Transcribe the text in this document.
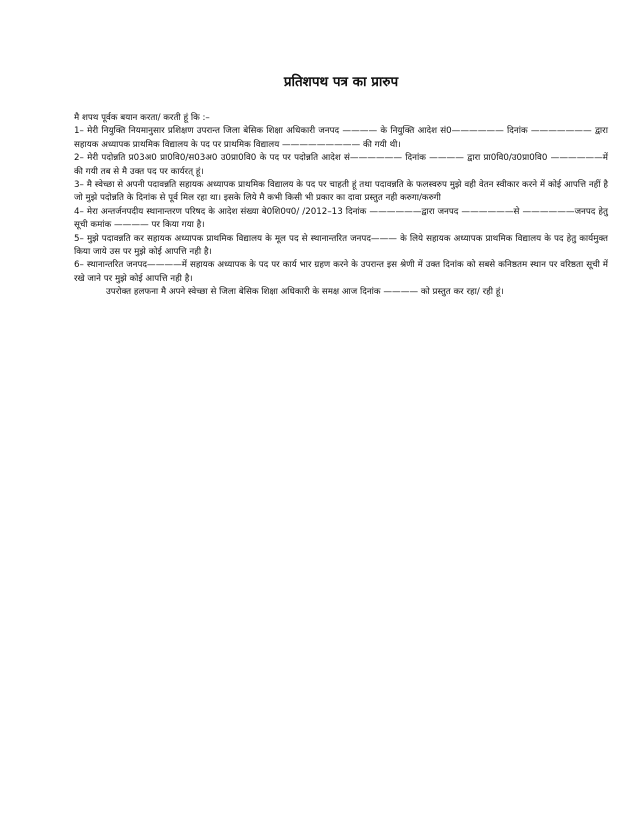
प्रतिशपथ पत्र का प्रारुप

मै शपथ पूर्वक बयान करता/ करती हूं कि :–

1– मेरी नियुक्ति नियमानुसार प्रशिक्षण उपरान्त जिला बेसिक शिक्षा अधिकारी जनपद ———— के नियुक्ति आदेश सं0—————— दिनांक ——————— द्वारा सहायक अध्यापक प्राथमिक विद्यालय के पद पर प्राथमिक विद्यालय ————————— की गयी थी।

2– मेरी पदोन्नति प्र03अ0 प्रा0वि0/स03अ0 उ0प्रा0वि0 के पद पर पदोन्नति आदेश सं—————— दिनांक ———— द्वारा प्रा0वि0/उ0प्रा0वि0 ——————में की गयी तब से मै उक्त पद पर कार्यरत् हूं।

3– मै स्वेच्छा से अपनी पदावन्नति सहायक अध्यापक प्राथमिक विद्यालय के पद पर चाहती हूं तथा पदावन्नति के फलस्वरुप मुझे वही वेतन स्वीकार करने में कोई आपत्ति नहीं है जो मुझे पदोन्नति के दिनांक से पूर्व मिल रहा था। इसके लिये मै कभी किसी भी प्रकार का दावा प्रस्तुत नही करुगा/करुगी

4– मेरा अन्तर्जनपदीय स्थानान्तरण परिषद के आदेश संख्या बे0शि0प0/ /2012–13 दिनांक ——————द्वारा जनपद ——————से ——————जनपद हेतु सूची कमांक ———— पर किया गया है।

5– मुझे पदावन्नति कर सहायक अध्यापक प्राथमिक विद्यालय के मूल पद से स्थानान्तरित जनपद——— के लिये सहायक अध्यापक प्राथमिक विद्यालय के पद हेतु कार्यमुक्त किया जाये उस पर मुझे कोई आपत्ति नही है।

6– स्थानान्तरित जनपद————में सहायक अध्यापक के पद पर कार्य भार ग्रहण करने के उपरान्त इस श्रेणी में उक्त दिनांक को सबसे कनिष्ठतम स्थान पर वरिष्ठता सूची में रखे जाने पर मुझे कोई आपत्ति नही है।

उपरोक्त हलफना मै अपने स्वेच्छा से जिला बेसिक शिक्षा अधिकारी के समक्ष आज दिनांक ———— को प्रस्तुत कर रहा/ रही हूं।
